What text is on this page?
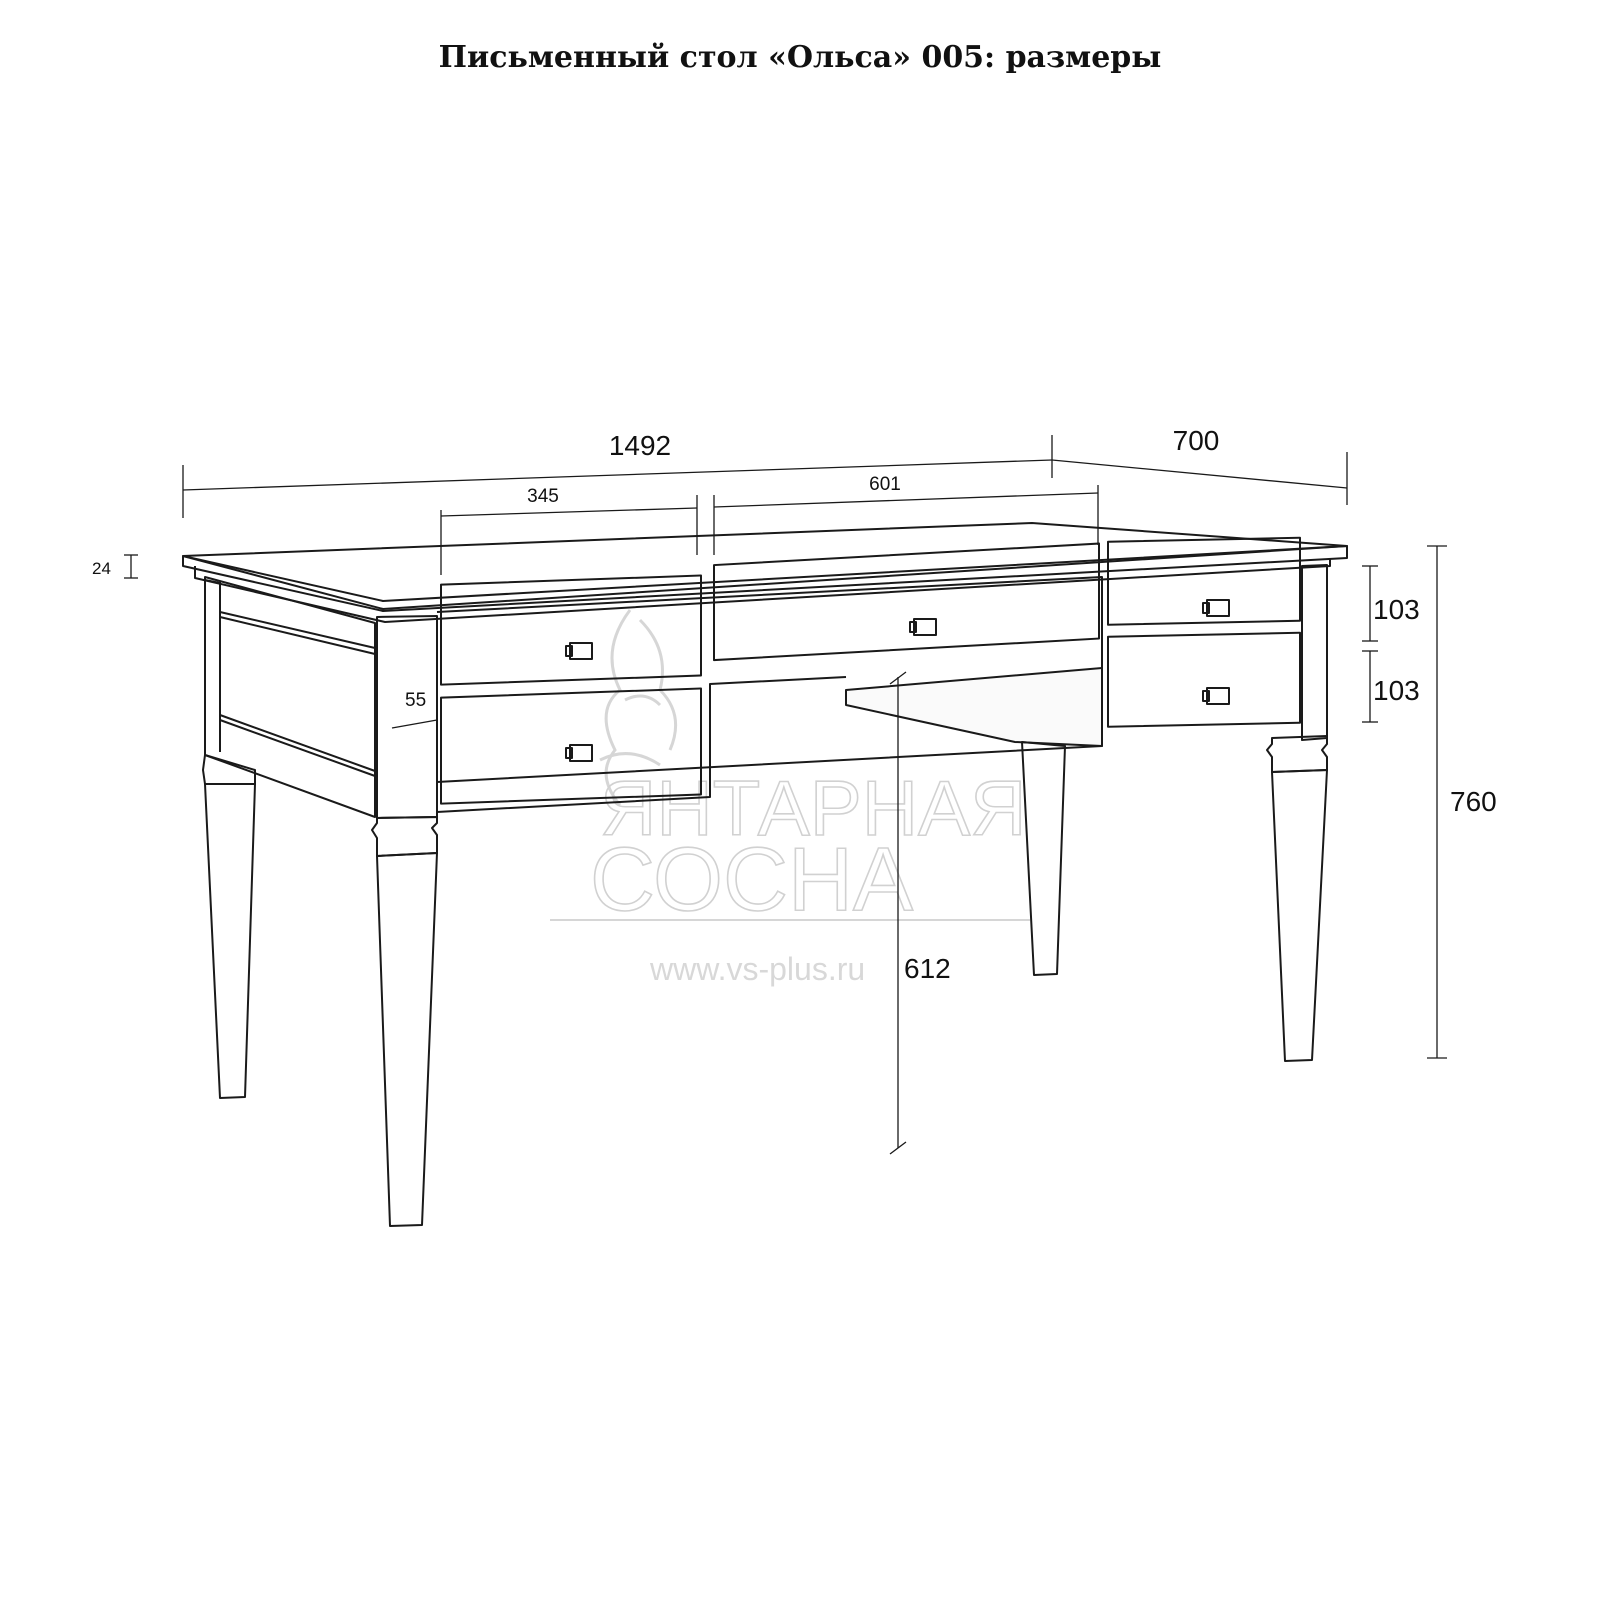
Письменный стол «Ольса» 005: размеры
ЯНТАРНАЯ
СОСНА
www.vs-plus.ru
1492	700
345
601
24
55
103
103
760
612
